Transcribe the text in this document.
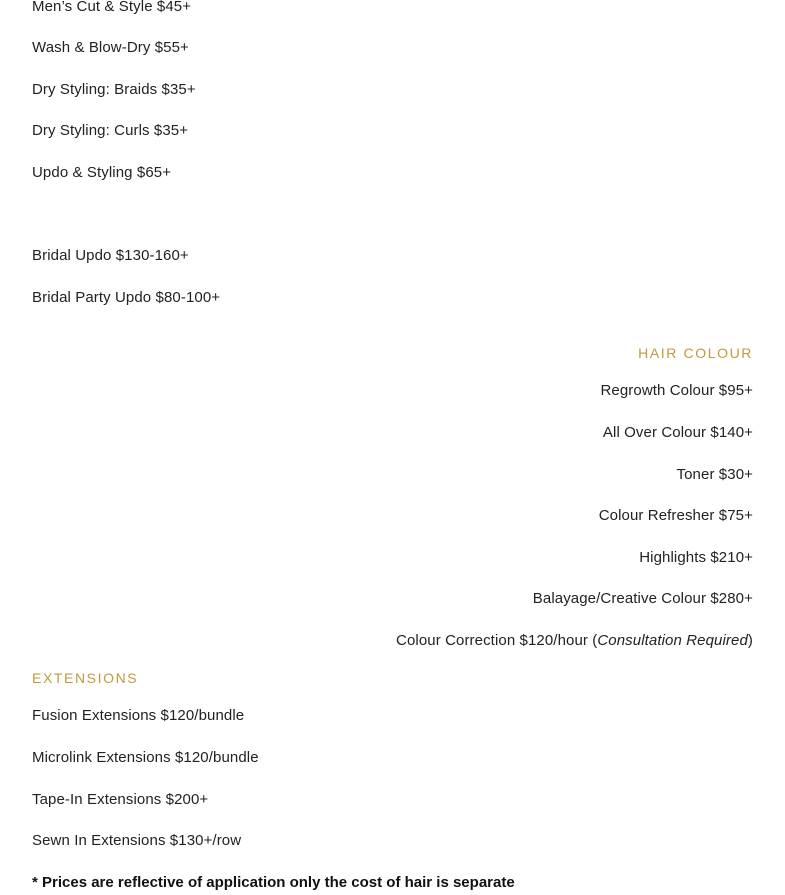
Men’s Cut & Style $45+
Wash & Blow-Dry $55+
Dry Styling: Braids $35+
Dry Styling: Curls $35+
Updo & Styling $65+
Bridal Updo $130-160+
Bridal Party Updo $80-100+
HAIR COLOUR
Regrowth Colour $95+
All Over Colour $140+
Toner $30+
Colour Refresher $75+
Highlights $210+
Balayage/Creative Colour $280+
Colour Correction $120/hour (Consultation Required)
EXTENSIONS
Fusion Extensions $120/bundle
Microlink Extensions $120/bundle
Tape-In Extensions $200+
Sewn In Extensions $130+/row
* Prices are reflective of application only the cost of hair is separate
